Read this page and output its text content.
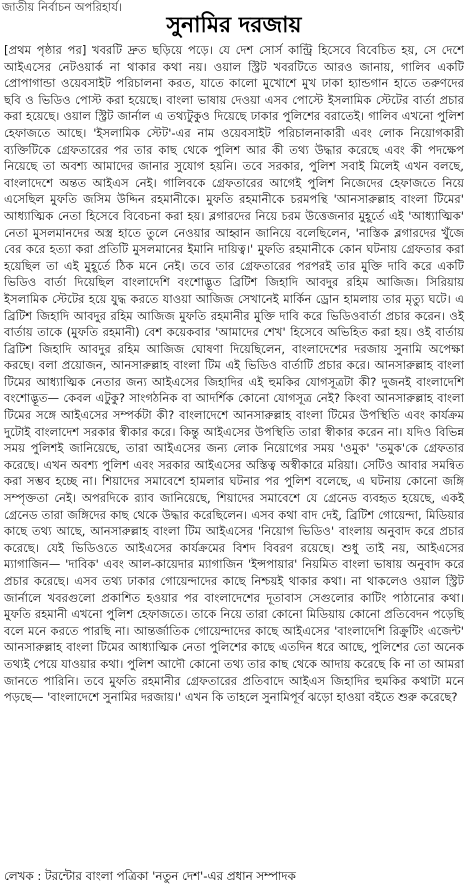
জাতীয় নির্বাচন অপরিহার্য।
সুনামির দরজায়

[প্রথম পৃষ্ঠার পর] খবরটি দ্রুত ছড়িয়ে পড়ে। যে দেশ সোর্স কান্ট্রি হিসেবে বিবেচিত হয়, সে দেশে আইএসের নেটওয়ার্ক না থাকার কথা নয়। ওয়াল স্ট্রিট খবরটিতে আরও জানায়, গালিব একটি প্রোপাগান্ডা ওয়েবসাইট পরিচালনা করত, যাতে কালো মুখোশে মুখ ঢাকা হ্যান্ডগান হাতে তরুণদের ছবি ও ভিডিও পোস্ট করা হয়েছে। বাংলা ভাষায় দেওয়া এসব পোস্টে ইসলামিক স্টেটের বার্তা প্রচার করা হয়েছে। ওয়াল স্ট্রিট জার্নাল এ তথ্যটুকুও দিয়েছে ঢাকার পুলিশের বরাতেই। গালিব এখনো পুলিশ হেফাজতে আছে। 'ইসলামিক স্টেট'-এর নাম ওয়েবসাইট পরিচালনাকারী এবং লোক নিয়োগকারী ব্যক্তিটিকে গ্রেফতারের পর তার কাছ থেকে পুলিশ আর কী তথ্য উদ্ধার করেছে এবং কী পদক্ষেপ নিয়েছে তা অবশ্য আমাদের জানার সুযোগ হয়নি। তবে সরকার, পুলিশ সবাই মিলেই এখন বলছে, বাংলাদেশে অন্তত আইএস নেই। গালিবকে গ্রেফতারের আগেই পুলিশ নিজেদের হেফাজতে নিয়ে এসেছিল মুফতি জসিম উদ্দিন রহমানীকে। মুফতি রহমানীকে চরমপন্থি 'আনসারুল্লাহ বাংলা টিমের' আধ্যাত্মিক নেতা হিসেবে বিবেচনা করা হয়। ব্লগারদের নিয়ে চরম উত্তেজনার মুহূর্তে এই 'আধ্যাত্মিক' নেতা মুসলমানদের অস্ত্র হাতে তুলে নেওয়ার আহ্বান জানিয়ে বলেছিলেন, 'নাস্তিক ব্লগারদের খুঁজে বের করে হত্যা করা প্রতিটি মুসলমানের ইমানি দায়িত্ব।' মুফতি রহমানীকে কোন ঘটনায় গ্রেফতার করা হয়েছিল তা এই মুহূর্তে ঠিক মনে নেই। তবে তার গ্রেফতারের পরপরই তার মুক্তি দাবি করে একটি ভিডিও বার্তা দিয়েছিল বাংলাদেশি বংশোদ্ভূত ব্রিটিশ জিহাদি আবদুর রহিম আজিজ। সিরিয়ায় ইসলামিক স্টেটের হয়ে যুদ্ধ করতে যাওয়া আজিজ সেখানেই মার্কিন ড্রোন হামলায় তার মৃত্যু ঘটে। এ ব্রিটিশ জিহাদি আবদুর রহিম আজিজ মুফতি রহমানীর মুক্তি দাবি করে ভিডিওবার্তা প্রচার করেন। ওই বার্তায় তাকে (মুফতি রহমানী) বেশ কয়েকবার 'আমাদের শেখ' হিসেবে অভিহিত করা হয়। ওই বার্তায় ব্রিটিশ জিহাদি আবদুর রহিম আজিজ ঘোষণা দিয়েছিলেন, বাংলাদেশের দরজায় সুনামি অপেক্ষা করছে। বলা প্রয়োজন, আনসারুল্লাহ বাংলা টিম এই ভিডিও বার্তাটি প্রচার করে। আনসারুল্লাহ বাংলা টিমের আধ্যাত্মিক নেতার জন্য আইএসের জিহাদির এই হুমকির যোগসূত্রটা কী? দুজনই বাংলাদেশি বংশোদ্ভূত— কেবল এটুকু? সাংগঠনিক বা আদর্শিক কোনো যোগসূত্র নেই? কিংবা আনসারুল্লাহ বাংলা টিমের সঙ্গে আইএসের সম্পর্কটা কী? বাংলাদেশে আনসারুল্লাহ বাংলা টিমের উপস্থিতি এবং কার্যক্রম দুটোই বাংলাদেশ সরকার স্বীকার করে। কিন্তু আইএসের উপস্থিতি তারা স্বীকার করেন না। যদিও বিভিন্ন সময় পুলিশই জানিয়েছে, তারা আইএসের জন্য লোক নিয়োগের সময় 'ওমুক' 'তমুক'কে গ্রেফতার করেছে। এখন অবশ্য পুলিশ এবং সরকার আইএসের অস্তিত্ব অস্বীকারে মরিয়া। সেটিও আবার সমন্বিত করা সম্ভব হচ্ছে না। শিয়াদের সমাবেশে হামলার ঘটনার পর পুলিশ বলেছে, এ ঘটনায় কোনো জঙ্গি সম্পৃক্ততা নেই। অপরদিকে র‍্যাব জানিয়েছে, শিয়াদের সমাবেশে যে গ্রেনেড ব্যবহৃত হয়েছে, একই গ্রেনেড তারা জঙ্গিদের কাছ থেকে উদ্ধার করেছিলেন। এসব কথা বাদ দেই, ব্রিটিশ গোয়েন্দা, মিডিয়ার কাছে তথ্য আছে, আনসারুল্লাহ বাংলা টিম আইএসের 'নিয়োগ ভিডিও' বাংলায় অনুবাদ করে প্রচার করেছে। যেই ভিডিওতে আইএসের কার্যক্রমের বিশদ বিবরণ রয়েছে। শুধু তাই নয়, আইএসের ম্যাগাজিন— 'দাবিক' এবং আল-কায়েদার ম্যাগাজিন 'ইন্সপায়ার' নিয়মিত বাংলা ভাষায় অনুবাদ করে প্রচার করেছে। এসব তথ্য ঢাকার গোয়েন্দাদের কাছে নিশ্চয়ই থাকার কথা। না থাকলেও ওয়াল স্ট্রিট জার্নালে খবরগুলো প্রকাশিত হওয়ার পর বাংলাদেশের দূতাবাস সেগুলোর কাটিং পাঠানোর কথা। মুফতি রহমানী এখনো পুলিশ হেফাজতে। তাকে নিয়ে তারা কোনো মিডিয়ায় কোনো প্রতিবেদন পড়েছি বলে মনে করতে পারছি না। আন্তর্জাতিক গোয়েন্দাদের কাছে আইএসের 'বাংলাদেশি রিক্রুটিং এজেন্ট' আনসারুল্লাহ বাংলা টিমের আধ্যাত্মিক নেতা পুলিশের কাছে এতদিন ধরে আছে, পুলিশের তো অনেক তথ্যই পেয়ে যাওয়ার কথা। পুলিশ আদৌ কোনো তথ্য তার কাছ থেকে আদায় করেছে কি না তা আমরা জানতে পারিনি। তবে মুফতি রহমানীর গ্রেফতারের প্রতিবাদে আইএস জিহাদির হুমকির কথাটা মনে পড়ছে— 'বাংলাদেশে সুনামির দরজায়।' এখন কি তাহলে সুনামিপূর্ব ঝড়ো হাওয়া বইতে শুরু করেছে?

লেখক : টরন্টোর বাংলা পত্রিকা 'নতুন দেশ'-এর প্রধান সম্পাদক
